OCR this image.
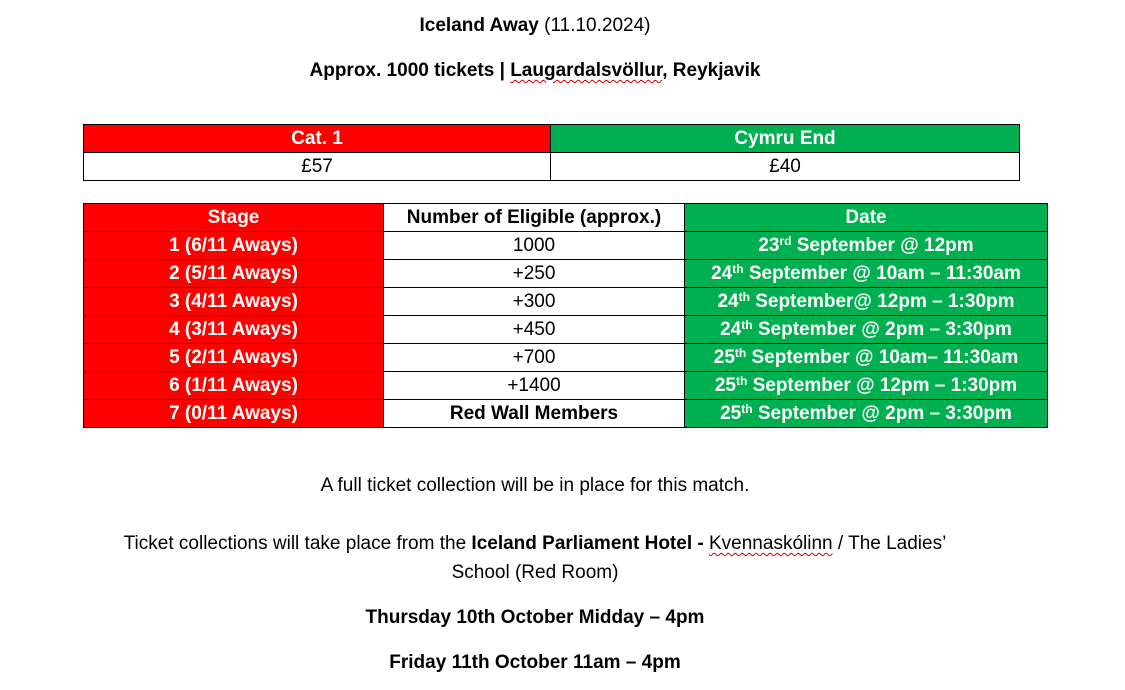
Iceland Away (11.10.2024)
Approx. 1000 tickets | Laugardalsvöllur, Reykjavik
Cat. 1	Cymru End
£57	£40
Stage	Number of Eligible (approx.)	Date
1 (6/11 Aways)	1000	23rd September @ 12pm
2 (5/11 Aways)	+250	24th September @ 10am – 11:30am
3 (4/11 Aways)	+300	24th September@ 12pm – 1:30pm
4 (3/11 Aways)	+450	24th September @ 2pm – 3:30pm
5 (2/11 Aways)	+700	25th September @ 10am– 11:30am
6 (1/11 Aways)	+1400	25th September @ 12pm – 1:30pm
7 (0/11 Aways)	Red Wall Members	25th September @ 2pm – 3:30pm
A full ticket collection will be in place for this match.
Ticket collections will take place from the Iceland Parliament Hotel - Kvennaskólinn / The Ladies’
School (Red Room)
Thursday 10th October Midday – 4pm
Friday 11th October 11am – 4pm
